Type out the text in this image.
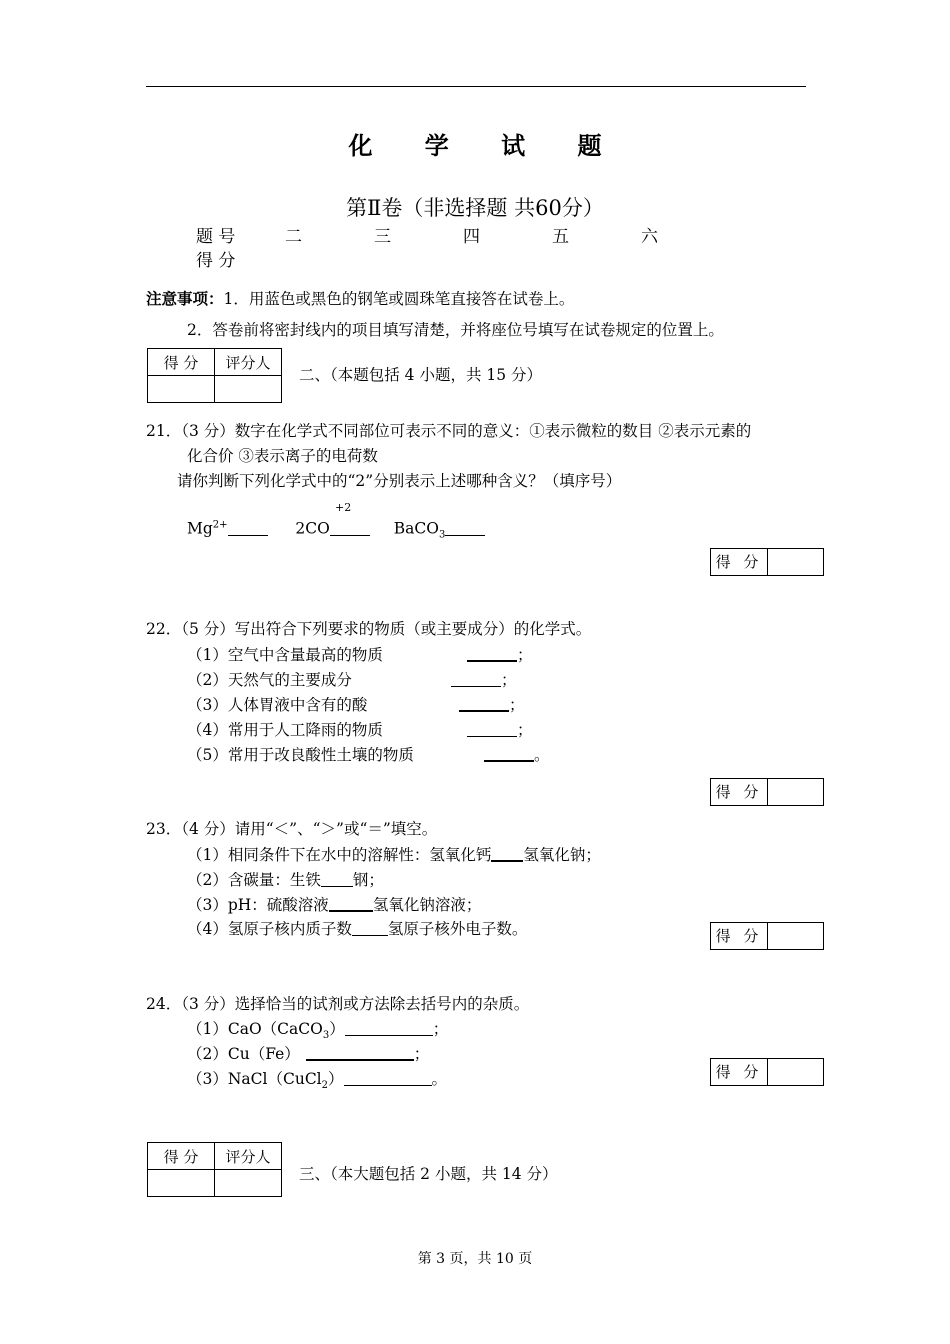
化 学 试 题
第Ⅱ卷（非选择题 共60分）
题 号	二	三	四	五	六
得 分
注意事项：1．用蓝色或黑色的钢笔或圆珠笔直接答在试卷上。
2．答卷前将密封线内的项目填写清楚，并将座位号填写在试卷规定的位置上。
得 分	评分人

二、（本题包括 4 小题，共 15 分）
21．（3 分）数字在化学式不同部位可表示不同的意义：①表示微粒的数目 ②表示元素的
化合价 ③表示离子的电荷数
请你判断下列化学式中的“2”分别表示上述哪种含义？（填序号）
+2
$Mg^{2+}$	2CO	BaCO$_3$
得 分
22．（5 分）写出符合下列要求的物质（或主要成分）的化学式。
（1）空气中含量最高的物质	；
（2）天然气的主要成分	；
（3）人体胃液中含有的酸	；
（4）常用于人工降雨的物质	；
（5）常用于改良酸性土壤的物质	。
得 分
23．（4 分）请用“＜”、“＞”或“＝”填空。
（1）相同条件下在水中的溶解性：氢氧化钙 氢氧化钠；
（2）含碳量：生铁 钢；
（3）pH：硫酸溶液	氢氧化钠溶液；
（4）氢原子核内质子数 氢原子核外电子数。	得 分
24．（3 分）选择恰当的试剂或方法除去括号内的杂质。
（1）CaO（CaCO$_3$）	；
（2）Cu（Fe）	；
（3）NaCl（CuCl$_2$）	。	得 分
得 分	评分人

三、（本大题包括 2 小题，共 14 分）
第 3 页，共 10 页
